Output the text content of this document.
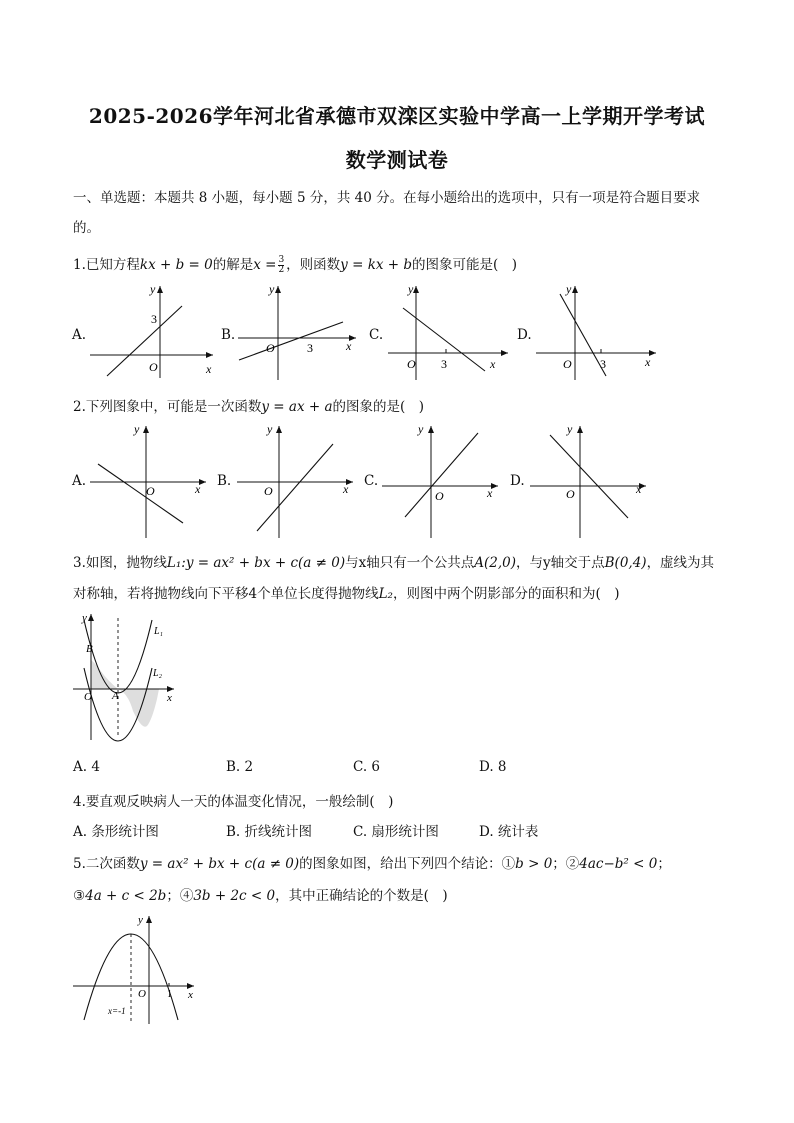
2025-2026学年河北省承德市双滦区实验中学高一上学期开学考试
数学测试卷
一、单选题：本题共 8 小题，每小题 5 分，共 40 分。在每小题给出的选项中，只有一项是符合题目要求
的。
1.已知方程kx + b = 0的解是$x = \frac{3}{2}$ ，则函数y = kx + b的图象可能是(　)
A.	B.	C.	D.
y
x
O
3
y
x
O	3
y
x
O 3
y
x
O 3
2.下列图象中，可能是一次函数y = ax + a的图象的是(　)
A.	B.	C.	D.
y
x
O
y
x
O
y
x
O
y
x
O
3.如图，抛物线L₁:y = ax² + bx + c(a ≠ 0)与x轴只有一个公共点A(2,0)，与y轴交于点B(0,4)，虚线为其
对称轴，若将抛物线向下平移4个单位长度得抛物线L₂，则图中两个阴影部分的面积和为(　)
y
x
O A
B
L₁
L₂
A. 4	B. 2	C. 6	D. 8
4.要直观反映病人一天的体温变化情况，一般绘制(　)
A. 条形统计图	B. 折线统计图	C. 扇形统计图	D. 统计表
5.二次函数y = ax² + bx + c(a ≠ 0)的图象如图，给出下列四个结论：①b > 0；②4ac−b² < 0；
③4a + c < 2b；④3b + 2c < 0，其中正确结论的个数是(　)
y
x
O 1
x=-1
